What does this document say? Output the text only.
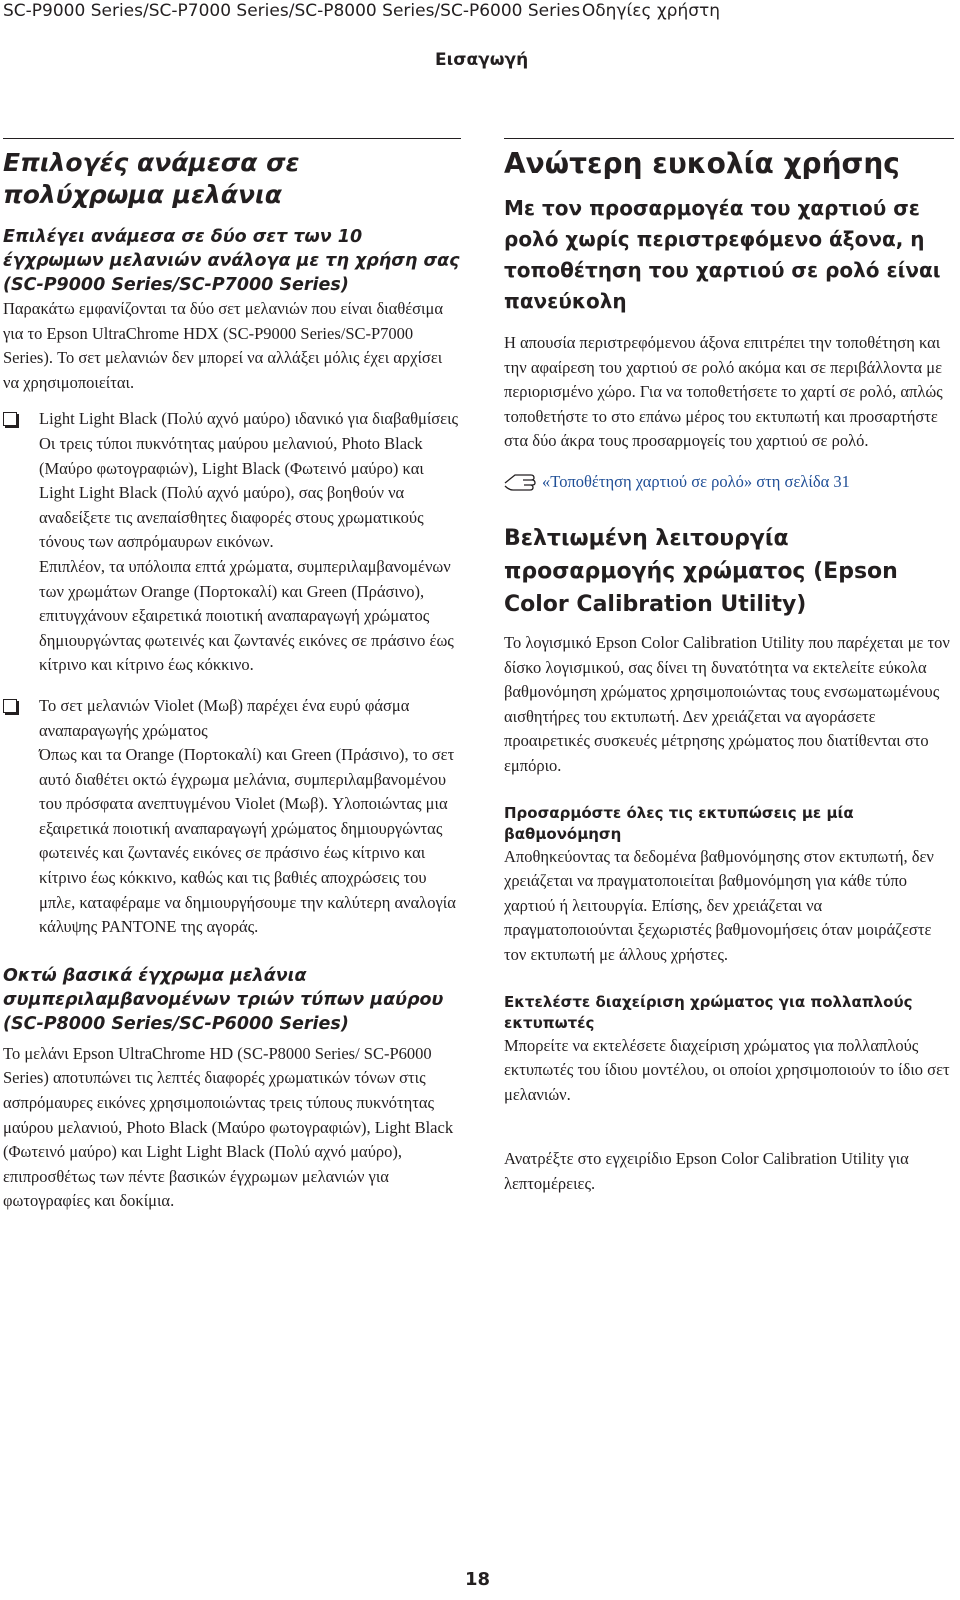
SC-P9000 Series/SC-P7000 Series/SC-P8000 Series/SC-P6000 Series Οδηγίες χρήστη
Εισαγωγή
Επιλογές ανάμεσα σε πολύχρωμα μελάνια
Επιλέγει ανάμεσα σε δύο σετ των 10 έγχρωμων μελανιών ανάλογα με τη χρήση σας (SC-P9000 Series/SC-P7000 Series)

Παρακάτω εμφανίζονται τα δύο σετ μελανιών που είναι διαθέσιμα για το Epson UltraChrome HDX (SC-P9000 Series/SC-P7000 Series). Το σετ μελανιών δεν μπορεί να αλλάξει μόλις έχει αρχίσει να χρησιμοποιείται.

Light Light Black (Πολύ αχνό μαύρο) ιδανικό για διαβαθμίσεις

Οι τρεις τύποι πυκνότητας μαύρου μελανιού, Photo Black (Μαύρο φωτογραφιών), Light Black (Φωτεινό μαύρο) και Light Light Black (Πολύ αχνό μαύρο), σας βοηθούν να αναδείξετε τις ανεπαίσθητες διαφορές στους χρωματικούς τόνους των ασπρόμαυρων εικόνων.

Επιπλέον, τα υπόλοιπα επτά χρώματα, συμπεριλαμβανομένων των χρωμάτων Orange (Πορτοκαλί) και Green (Πράσινο), επιτυγχάνουν εξαιρετικά ποιοτική αναπαραγωγή χρώματος δημιουργώντας φωτεινές και ζωντανές εικόνες σε πράσινο έως κίτρινο και κίτρινο έως κόκκινο.

Το σετ μελανιών Violet (Μωβ) παρέχει ένα ευρύ φάσμα αναπαραγωγής χρώματος

Όπως και τα Orange (Πορτοκαλί) και Green (Πράσινο), το σετ αυτό διαθέτει οκτώ έγχρωμα μελάνια, συμπεριλαμβανομένου του πρόσφατα ανεπτυγμένου Violet (Μωβ). Υλοποιώντας μια εξαιρετικά ποιοτική αναπαραγωγή χρώματος δημιουργώντας φωτεινές και ζωντανές εικόνες σε πράσινο έως κίτρινο και κίτρινο έως κόκκινο, καθώς και τις βαθιές αποχρώσεις του μπλε, καταφέραμε να δημιουργήσουμε την καλύτερη αναλογία κάλυψης PANTONE της αγοράς.

Οκτώ βασικά έγχρωμα μελάνια συμπεριλαμβανομένων τριών τύπων μαύρου (SC-P8000 Series/SC-P6000 Series)

Το μελάνι Epson UltraChrome HD (SC-P8000 Series/ SC-P6000 Series) αποτυπώνει τις λεπτές διαφορές χρωματικών τόνων στις ασπρόμαυρες εικόνες χρησιμοποιώντας τρεις τύπους πυκνότητας μαύρου μελανιού, Photo Black (Μαύρο φωτογραφιών), Light Black (Φωτεινό μαύρο) και Light Light Black (Πολύ αχνό μαύρο), επιπροσθέτως των πέντε βασικών έγχρωμων μελανιών για φωτογραφίες και δοκίμια.

Ανώτερη ευκολία χρήσης
Με τον προσαρμογέα του χαρτιού σε ρολό χωρίς περιστρεφόμενο άξονα, η τοποθέτηση του χαρτιού σε ρολό είναι πανεύκολη

Η απουσία περιστρεφόμενου άξονα επιτρέπει την τοποθέτηση και την αφαίρεση του χαρτιού σε ρολό ακόμα και σε περιβάλλοντα με περιορισμένο χώρο. Για να τοποθετήσετε το χαρτί σε ρολό, απλώς τοποθετήστε το στο επάνω μέρος του εκτυπωτή και προσαρτήστε στα δύο άκρα τους προσαρμογείς του χαρτιού σε ρολό.

«Τοποθέτηση χαρτιού σε ρολό» στη σελίδα 31
Βελτιωμένη λειτουργία προσαρμογής χρώματος (Epson Color Calibration Utility)

Το λογισμικό Epson Color Calibration Utility που παρέχεται με τον δίσκο λογισμικού, σας δίνει τη δυνατότητα να εκτελείτε εύκολα βαθμονόμηση χρώματος χρησιμοποιώντας τους ενσωματωμένους αισθητήρες του εκτυπωτή. Δεν χρειάζεται να αγοράσετε προαιρετικές συσκευές μέτρησης χρώματος που διατίθενται στο εμπόριο.

Προσαρμόστε όλες τις εκτυπώσεις με μία βαθμονόμηση

Αποθηκεύοντας τα δεδομένα βαθμονόμησης στον εκτυπωτή, δεν χρειάζεται να πραγματοποιείται βαθμονόμηση για κάθε τύπο χαρτιού ή λειτουργία. Επίσης, δεν χρειάζεται να πραγματοποιούνται ξεχωριστές βαθμονομήσεις όταν μοιράζεστε τον εκτυπωτή με άλλους χρήστες.

Εκτελέστε διαχείριση χρώματος για πολλαπλούς εκτυπωτές

Μπορείτε να εκτελέσετε διαχείριση χρώματος για πολλαπλούς εκτυπωτές του ίδιου μοντέλου, οι οποίοι χρησιμοποιούν το ίδιο σετ μελανιών.

Ανατρέξτε στο εγχειρίδιο Epson Color Calibration Utility για λεπτομέρειες.

18
